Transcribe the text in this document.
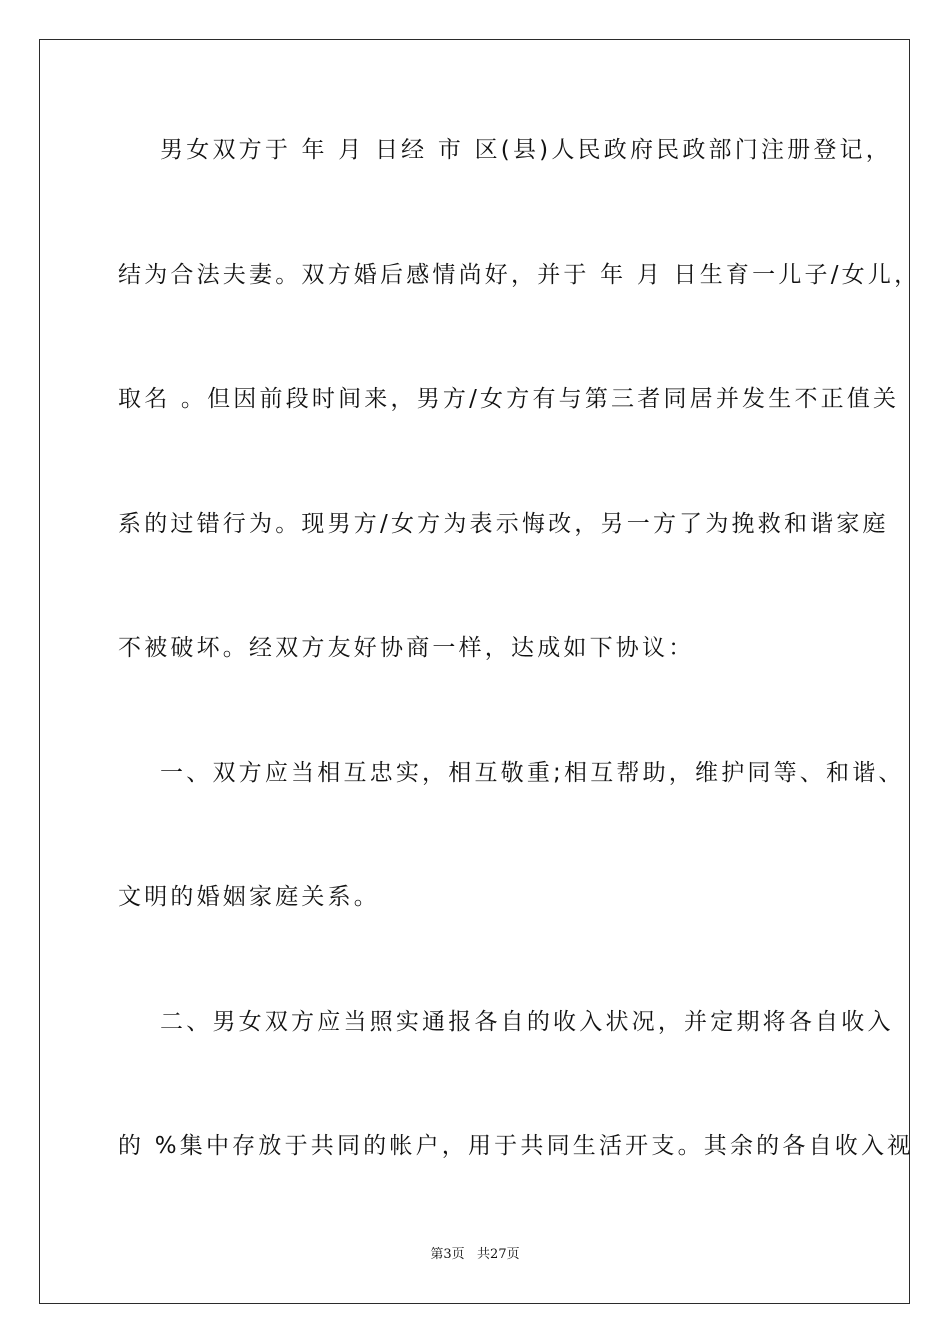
男女双方于 年 月 日经 市 区(县)人民政府民政部门注册登记，
结为合法夫妻。双方婚后感情尚好，并于 年 月 日生育一儿子/女儿，
取名 。但因前段时间来，男方/女方有与第三者同居并发生不正值关
系的过错行为。现男方/女方为表示悔改，另一方了为挽救和谐家庭
不被破坏。经双方友好协商一样，达成如下协议：
一、双方应当相互忠实，相互敬重;相互帮助，维护同等、和谐、
文明的婚姻家庭关系。
二、男女双方应当照实通报各自的收入状况，并定期将各自收入
的 %集中存放于共同的帐户，用于共同生活开支。其余的各自收入视
第3页   共27页
